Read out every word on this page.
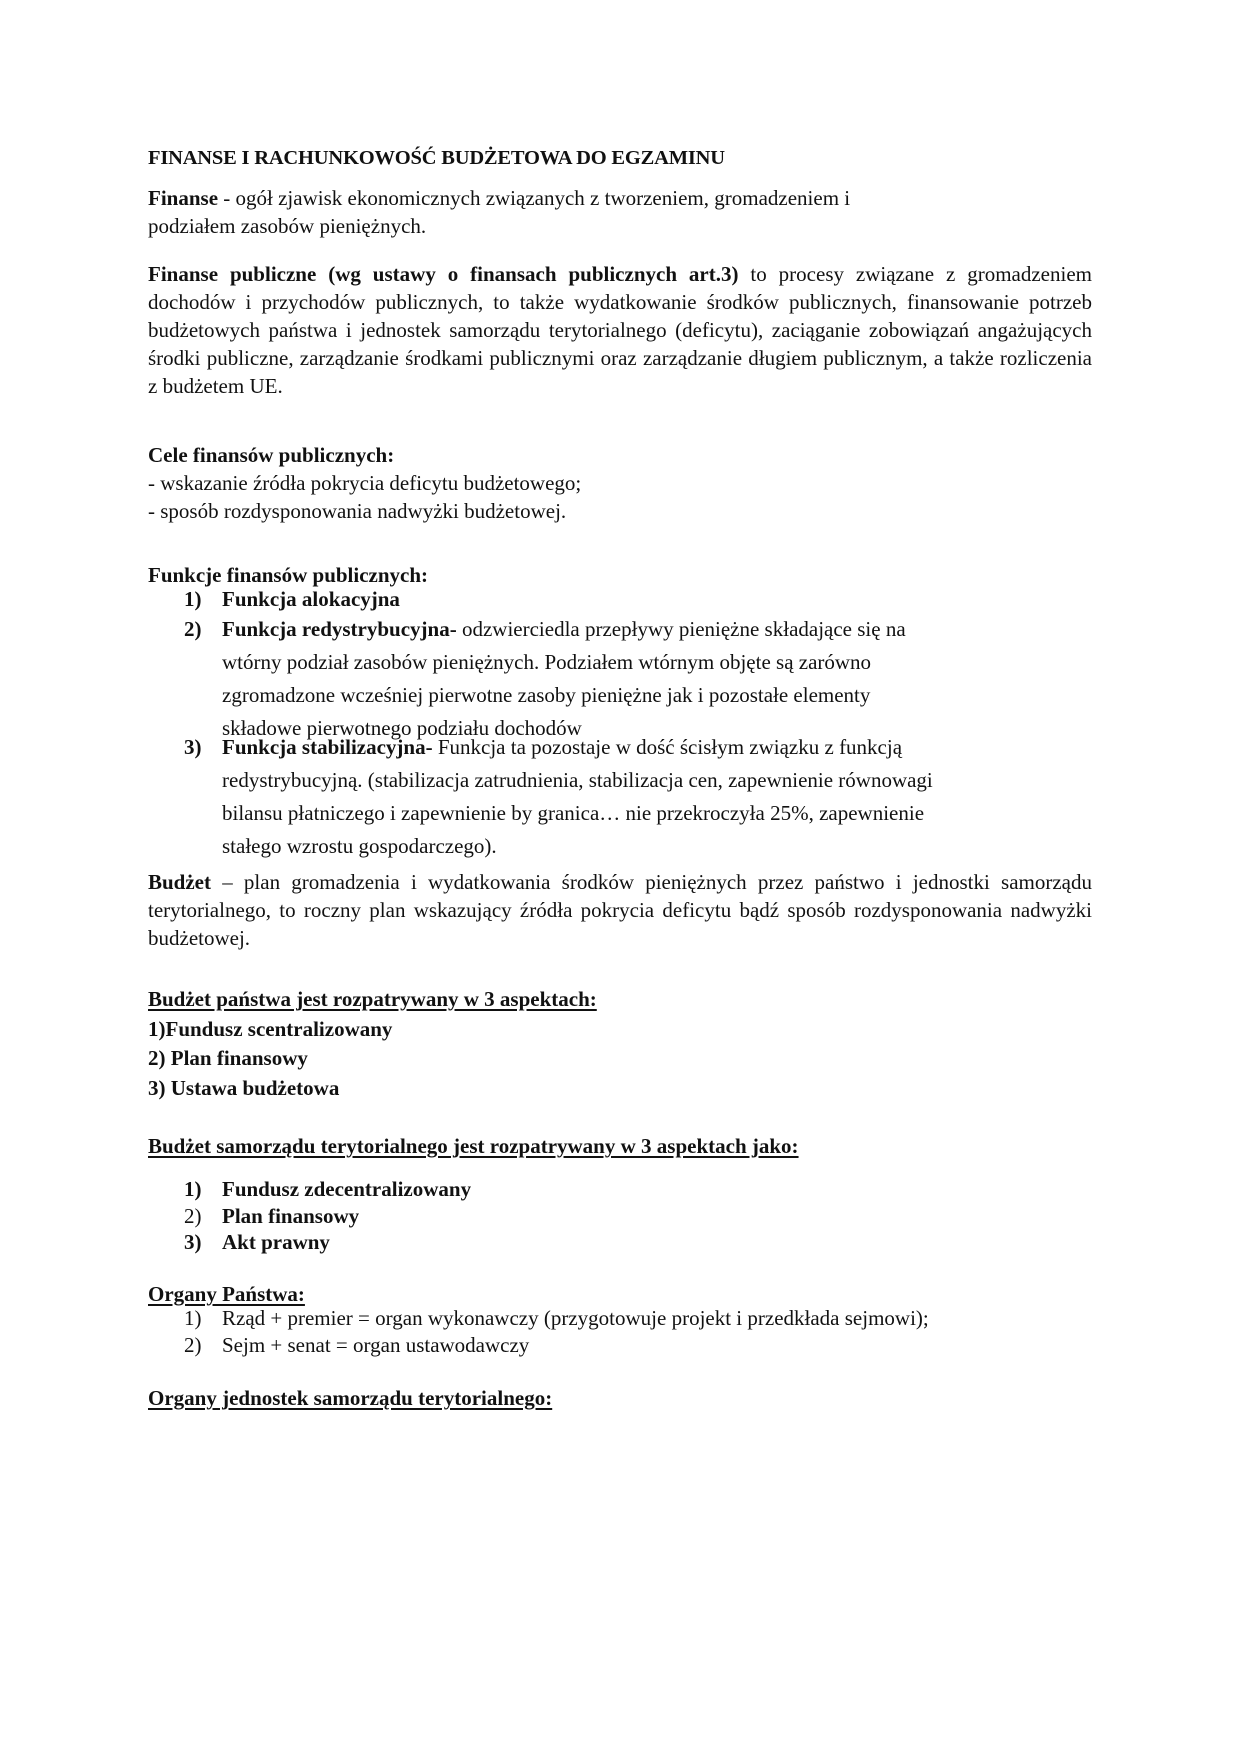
FINANSE I RACHUNKOWOŚĆ BUDŻETOWA DO EGZAMINU
Finanse - ogół zjawisk ekonomicznych związanych z tworzeniem, gromadzeniem i
podziałem zasobów pieniężnych.
Finanse publiczne (wg ustawy o finansach publicznych art.3) to procesy związane z gromadzeniem dochodów i przychodów publicznych, to także wydatkowanie środków publicznych, finansowanie potrzeb budżetowych państwa i jednostek samorządu terytorialnego (deficytu), zaciąganie zobowiązań angażujących środki publiczne, zarządzanie środkami publicznymi oraz zarządzanie długiem publicznym, a także rozliczenia z budżetem UE.
Cele finansów publicznych:
- wskazanie źródła pokrycia deficytu budżetowego;
- sposób rozdysponowania nadwyżki budżetowej.
Funkcje finansów publicznych:
1) Funkcja alokacyjna
2) Funkcja redystrybucyjna- odzwierciedla przepływy pieniężne składające się na
wtórny podział zasobów pieniężnych. Podziałem wtórnym objęte są zarówno
zgromadzone wcześniej pierwotne zasoby pieniężne jak i pozostałe elementy
składowe pierwotnego podziału dochodów
3) Funkcja stabilizacyjna- Funkcja ta pozostaje w dość ścisłym związku z funkcją
redystrybucyjną. (stabilizacja zatrudnienia, stabilizacja cen, zapewnienie równowagi
bilansu płatniczego i zapewnienie by granica… nie przekroczyła 25%, zapewnienie
stałego wzrostu gospodarczego).
Budżet – plan gromadzenia i wydatkowania środków pieniężnych przez państwo i jednostki samorządu terytorialnego, to roczny plan wskazujący źródła pokrycia deficytu bądź sposób rozdysponowania nadwyżki budżetowej.
Budżet państwa jest rozpatrywany w 3 aspektach:
1)Fundusz scentralizowany
2) Plan finansowy
3) Ustawa budżetowa
Budżet samorządu terytorialnego jest rozpatrywany w 3 aspektach jako:
1) Fundusz zdecentralizowany
2) Plan finansowy
3) Akt prawny
Organy Państwa:
1) Rząd + premier = organ wykonawczy (przygotowuje projekt i przedkłada sejmowi);
2) Sejm + senat = organ ustawodawczy
Organy jednostek samorządu terytorialnego:
